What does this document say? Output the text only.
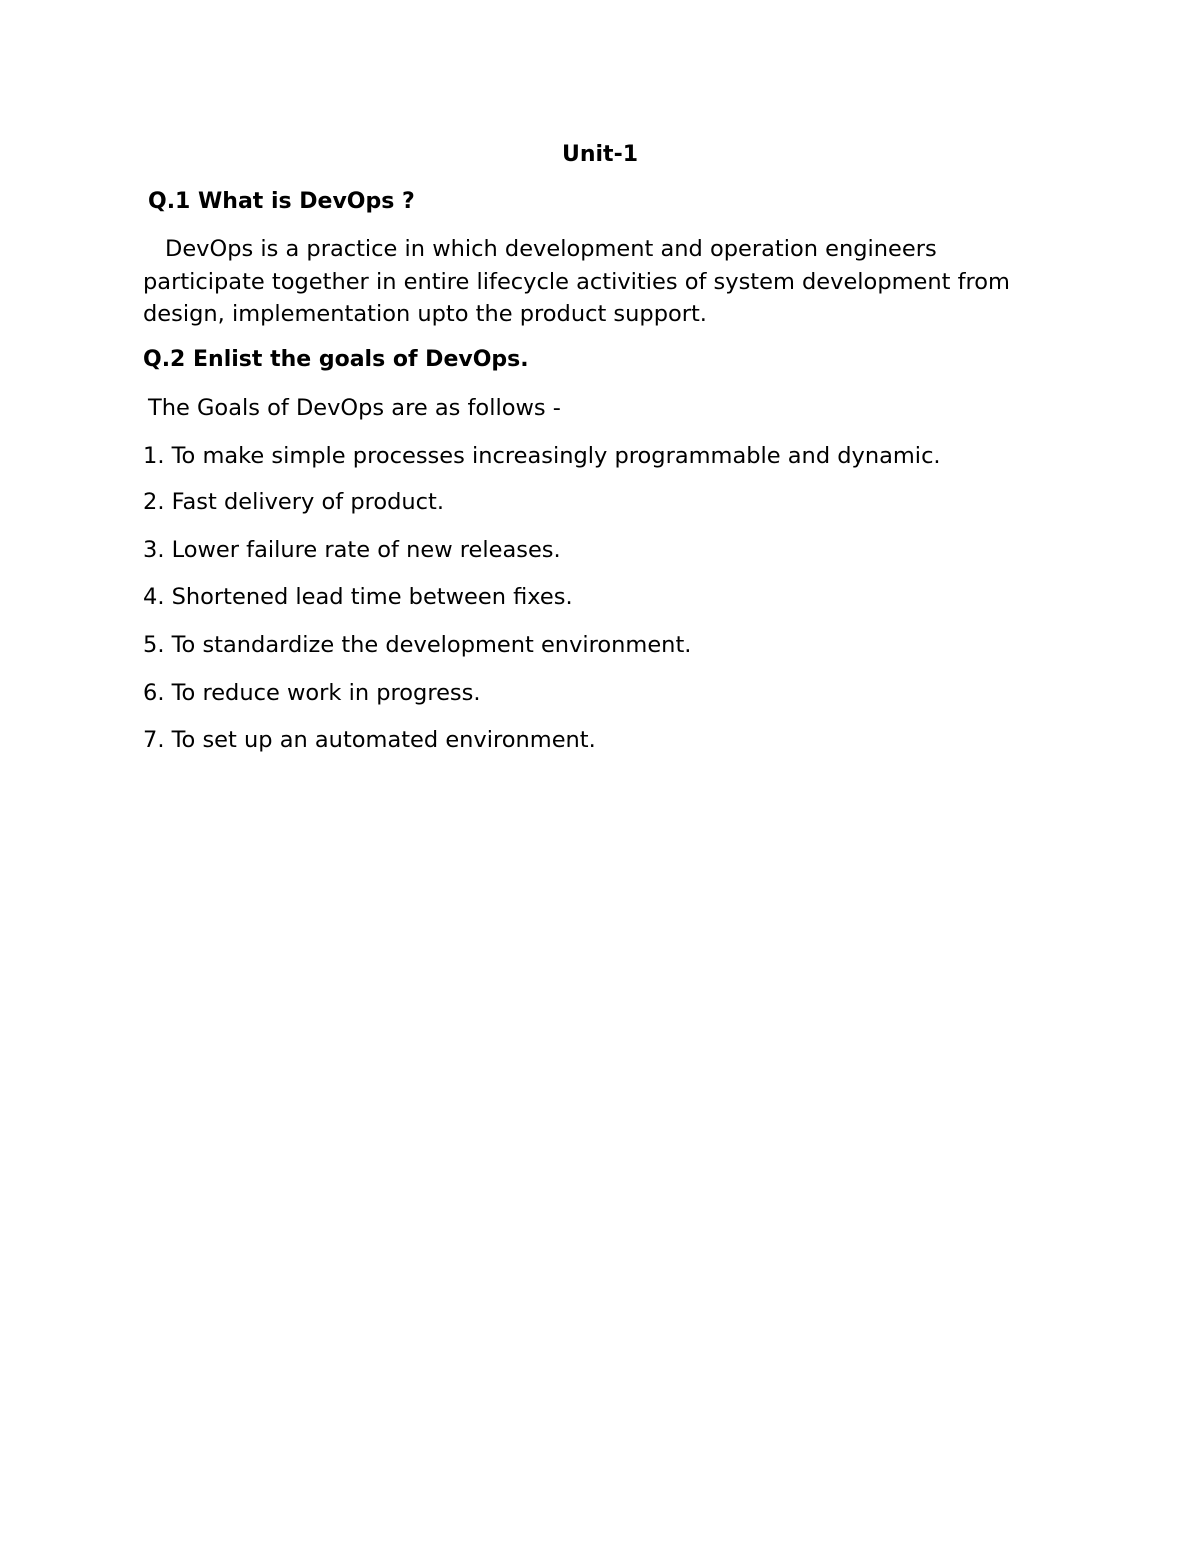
Unit-1

Q.1 What is DevOps ?

DevOps is a practice in which development and operation engineers participate together in entire lifecycle activities of system development from design, implementation upto the product support.

Q.2 Enlist the goals of DevOps.

The Goals of DevOps are as follows -

1. To make simple processes increasingly programmable and dynamic.

2. Fast delivery of product.

3. Lower failure rate of new releases.

4. Shortened lead time between fixes.

5. To standardize the development environment.

6. To reduce work in progress.

7. To set up an automated environment.
